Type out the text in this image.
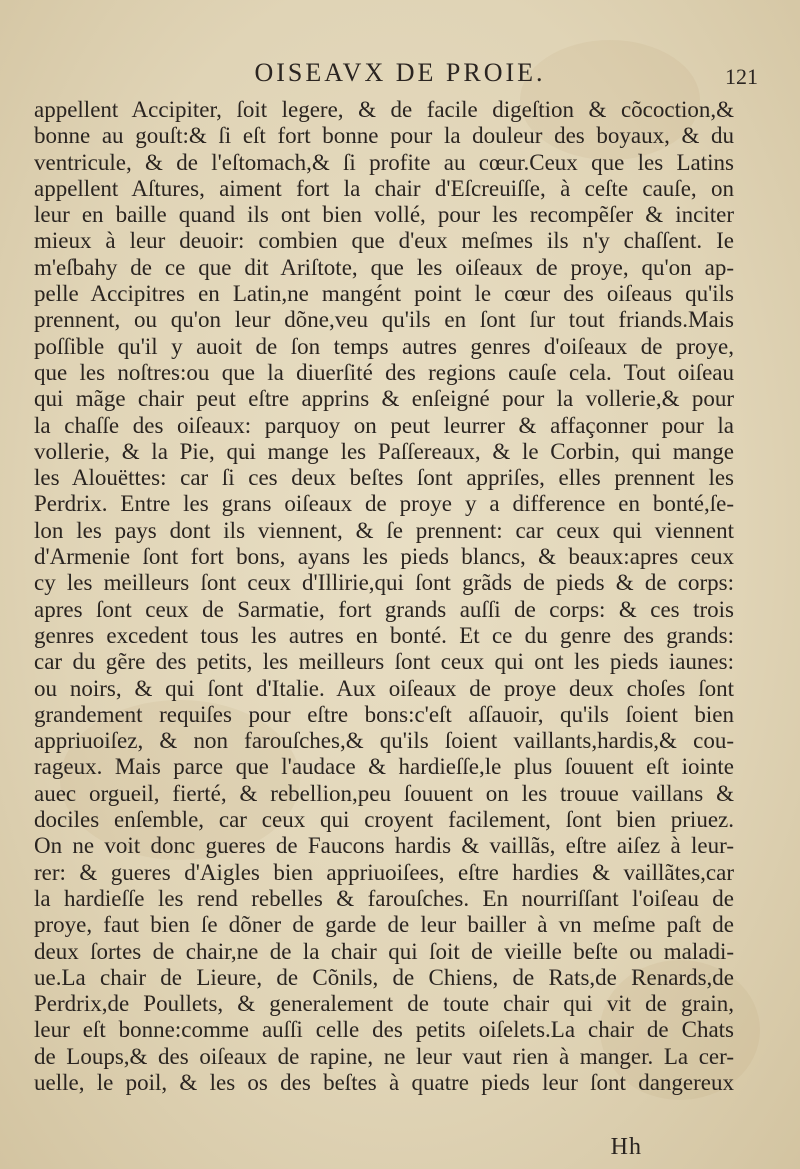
OISEAVX DE PROIE.	121
appellent Accipiter, ſoit legere, & de facile digeſtion & cõcoction,&
bonne au gouſt:& ſi eſt fort bonne pour la douleur des boyaux, & du
ventricule, & de l'eſtomach,& ſi profite au cœur.Ceux que les Latins
appellent Aſtures, aiment fort la chair d'Eſcreuiſſe, à ceſte cauſe, on
leur en baille quand ils ont bien vollé, pour les recompẽſer & inciter
mieux à leur deuoir: combien que d'eux meſmes ils n'y chaſſent. Ie
m'eſbahy de ce que dit Ariſtote, que les oiſeaux de proye, qu'on ap-
pelle Accipitres en Latin,ne mangént point le cœur des oiſeaus qu'ils
prennent, ou qu'on leur dõne,veu qu'ils en ſont ſur tout friands.Mais
poſſible qu'il y auoit de ſon temps autres genres d'oiſeaux de proye,
que les noſtres:ou que la diuerſité des regions cauſe cela. Tout oiſeau
qui mãge chair peut eſtre apprins & enſeigné pour la vollerie,& pour
la chaſſe des oiſeaux: parquoy on peut leurrer & affaçonner pour la
vollerie, & la Pie, qui mange les Paſſereaux, & le Corbin, qui mange
les Alouëttes: car ſi ces deux beſtes ſont appriſes, elles prennent les
Perdrix. Entre les grans oiſeaux de proye y a difference en bonté,ſe-
lon les pays dont ils viennent, & ſe prennent: car ceux qui viennent
d'Armenie ſont fort bons, ayans les pieds blancs, & beaux:apres ceux
cy les meilleurs ſont ceux d'Illirie,qui ſont grãds de pieds & de corps:
apres ſont ceux de Sarmatie, fort grands auſſi de corps: & ces trois
genres excedent tous les autres en bonté. Et ce du genre des grands:
car du gẽre des petits, les meilleurs ſont ceux qui ont les pieds iaunes:
ou noirs, & qui ſont d'Italie. Aux oiſeaux de proye deux choſes ſont
grandement requiſes pour eſtre bons:c'eſt aſſauoir, qu'ils ſoient bien
appriuoiſez, & non farouſches,& qu'ils ſoient vaillants,hardis,& cou-
rageux. Mais parce que l'audace & hardieſſe,le plus ſouuent eſt iointe
auec orgueil, fierté, & rebellion,peu ſouuent on les trouue vaillans &
dociles enſemble, car ceux qui croyent facilement, ſont bien priuez.
On ne voit donc gueres de Faucons hardis & vaillãs, eſtre aiſez à leur-
rer: & gueres d'Aigles bien appriuoiſees, eſtre hardies & vaillãtes,car
la hardieſſe les rend rebelles & farouſches. En nourriſſant l'oiſeau de
proye, faut bien ſe dõner de garde de leur bailler à vn meſme paſt de
deux ſortes de chair,ne de la chair qui ſoit de vieille beſte ou maladi-
ue.La chair de Lieure, de Cõnils, de Chiens, de Rats,de Renards,de
Perdrix,de Poullets, & generalement de toute chair qui vit de grain,
leur eſt bonne:comme auſſi celle des petits oiſelets.La chair de Chats
de Loups,& des oiſeaux de rapine, ne leur vaut rien à manger. La cer-
uelle, le poil, & les os des beſtes à quatre pieds leur ſont dangereux
Hh
